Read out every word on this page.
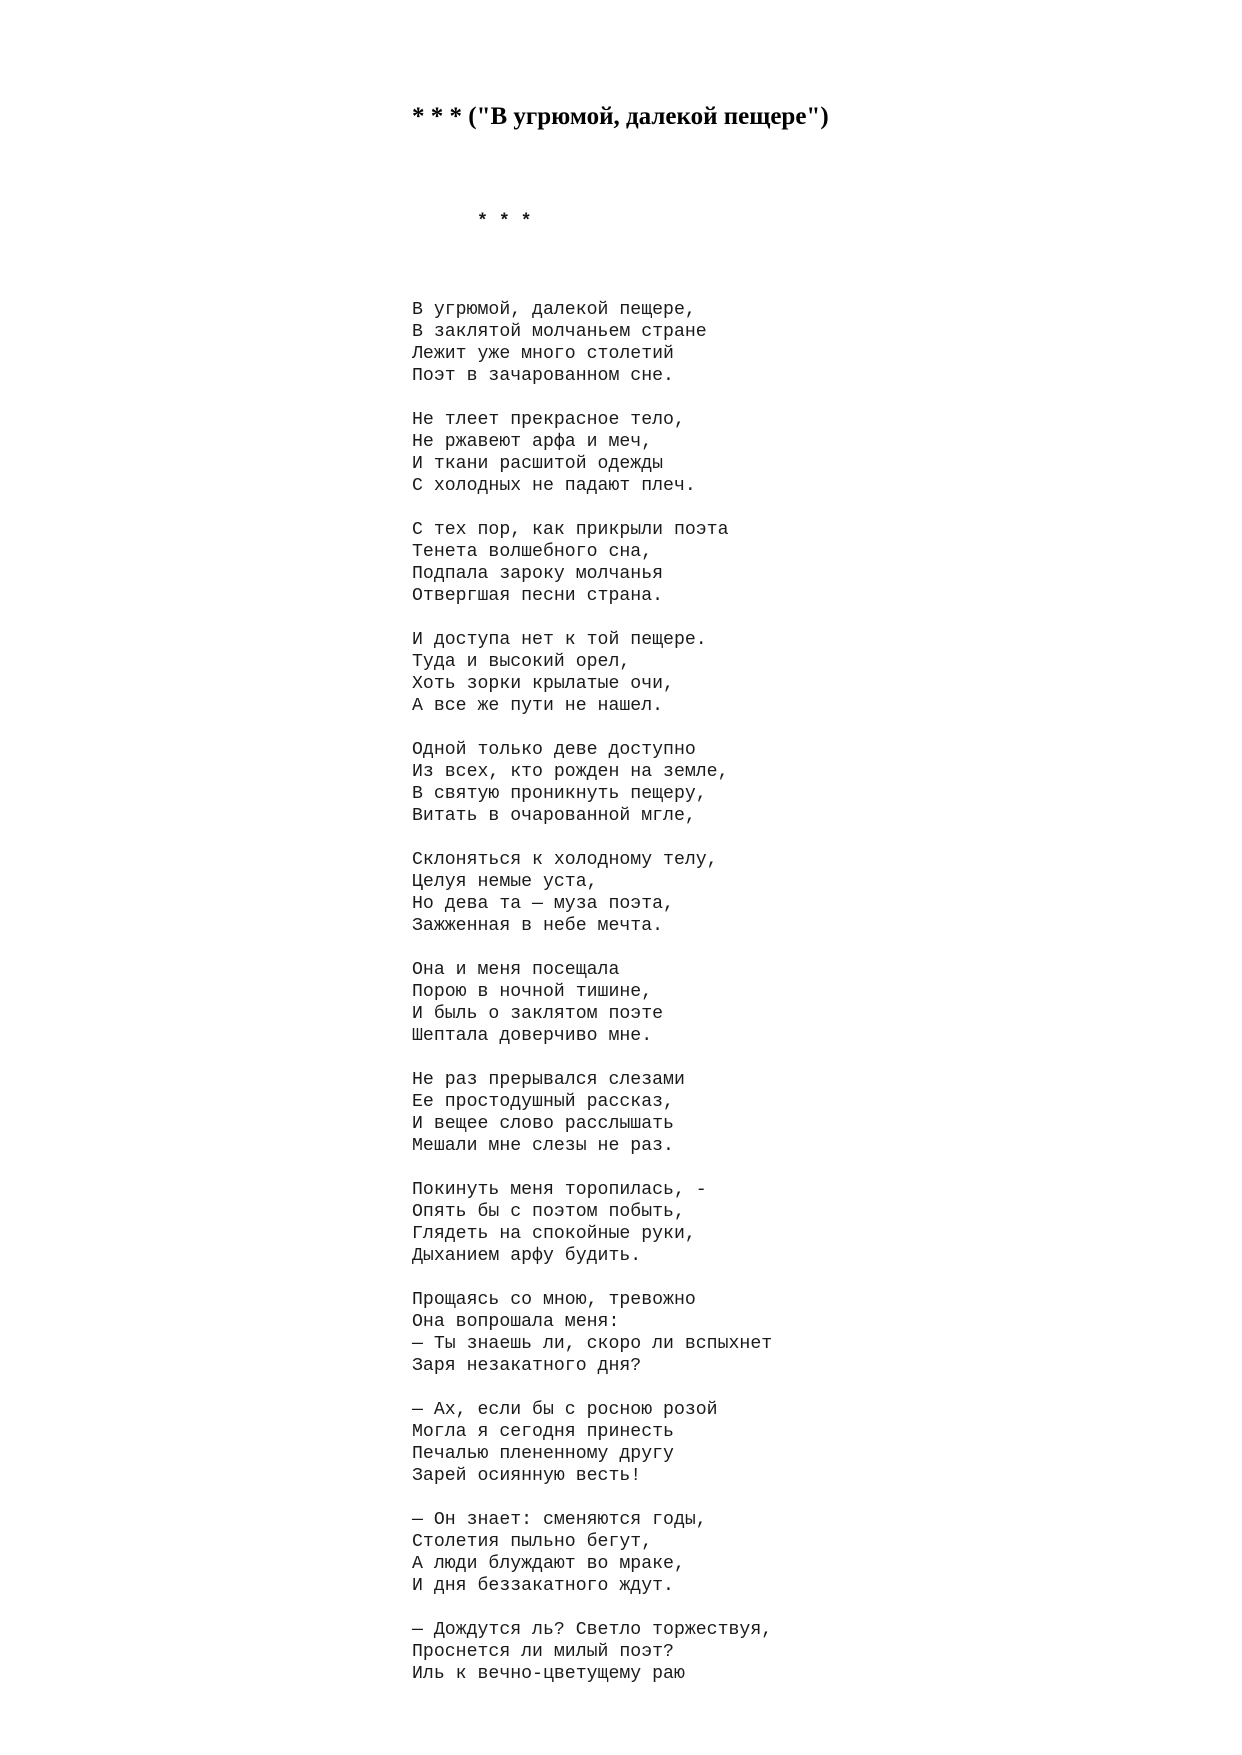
* * * ("В угрюмой, далекой пещере")

* * *

В угрюмой, далекой пещере,
В заклятой молчаньем стране
Лежит уже много столетий
Поэт в зачарованном сне.
Не тлеет прекрасное тело,
Не ржавеют арфа и меч,
И ткани расшитой одежды
С холодных не падают плеч.
С тех пор, как прикрыли поэта
Тенета волшебного сна,
Подпала зароку молчанья
Отвергшая песни страна.
И доступа нет к той пещере.
Туда и высокий орел,
Хоть зорки крылатые очи,
А все же пути не нашел.
Одной только деве доступно
Из всех, кто рожден на земле,
В святую проникнуть пещеру,
Витать в очарованной мгле,
Склоняться к холодному телу,
Целуя немые уста,
Но дева та — муза поэта,
Зажженная в небе мечта.
Она и меня посещала
Порою в ночной тишине,
И быль о заклятом поэте
Шептала доверчиво мне.
Не раз прерывался слезами
Ее простодушный рассказ,
И вещее слово расслышать
Мешали мне слезы не раз.
Покинуть меня торопилась, -
Опять бы с поэтом побыть,
Глядеть на спокойные руки,
Дыханием арфу будить.
Прощаясь со мною, тревожно
Она вопрошала меня:
— Ты знаешь ли, скоро ли вспыхнет
Заря незакатного дня?
— Ах, если бы с росною розой
Могла я сегодня принесть
Печалью плененному другу
Зарей осиянную весть!
— Он знает: сменяются годы,
Столетия пыльно бегут,
А люди блуждают во мраке,
И дня беззакатного ждут.
— Дождутся ль? Светло торжествуя,
Проснется ли милый поэт?
Иль к вечно-цветущему раю
